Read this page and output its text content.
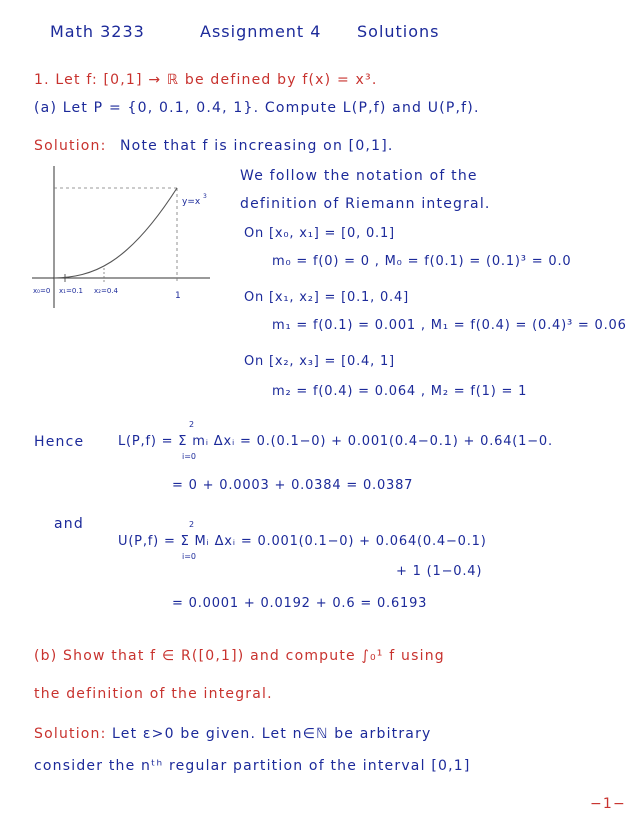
Math 3233	Assignment 4 Solutions
1. Let f: [0,1] → ℝ be defined by f(x) = x³.
(a) Let P = {0, 0.1, 0.4, 1}. Compute L(P,f) and U(P,f).
Solution: Note that f is increasing on [0,1].
y=x
3
x₀=0 x₁=0.1 x₂=0.4	1
We follow the notation of the
definition of Riemann integral.
On [x₀, x₁] = [0, 0.1]
m₀ = f(0) = 0 , M₀ = f(0.1) = (0.1)³ = 0.0
On [x₁, x₂] = [0.1, 0.4]
m₁ = f(0.1) = 0.001 , M₁ = f(0.4) = (0.4)³ = 0.06
On [x₂, x₃] = [0.4, 1]
m₂ = f(0.4) = 0.064 , M₂ = f(1) = 1
Hence
2
L(P,f) = Σ mᵢ Δxᵢ = 0.(0.1−0) + 0.001(0.4−0.1) + 0.64(1−0.
i=0
= 0 + 0.0003 + 0.0384 = 0.0387
and	2
U(P,f) = Σ Mᵢ Δxᵢ = 0.001(0.1−0) + 0.064(0.4−0.1)
i=0
+ 1 (1−0.4)
= 0.0001 + 0.0192 + 0.6 = 0.6193
(b) Show that f ∈ R([0,1]) and compute ∫₀¹ f using
the definition of the integral.
Solution: Let ε>0 be given. Let n∈ℕ be arbitrary
consider the nᵗʰ regular partition of the interval [0,1]
−1−
